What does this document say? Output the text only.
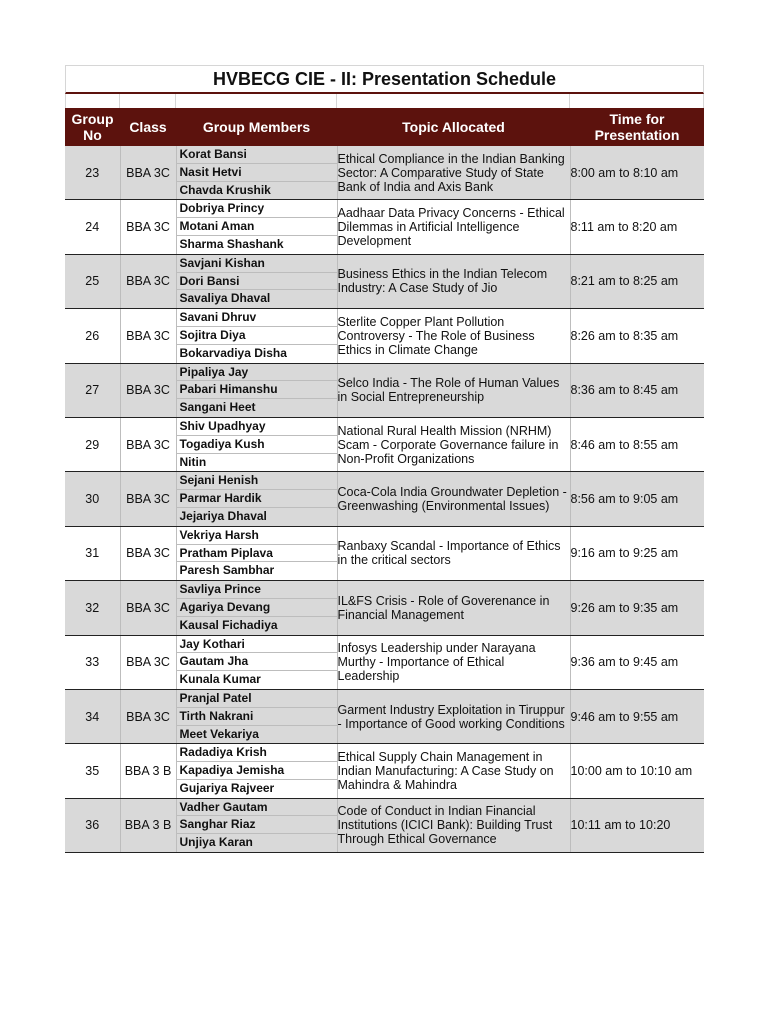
HVBECG CIE - II: Presentation Schedule
Group No	Class	Group Members	Topic Allocated	Time for Presentation
23	BBA 3C	Korat Bansi
Nasit Hetvi
Chavda Krushik	Ethical Compliance in the Indian Banking Sector: A Comparative Study of State Bank of India and Axis Bank	8:00 am to 8:10 am
24	BBA 3C	Dobriya Princy
Motani Aman
Sharma Shashank	Aadhaar Data Privacy Concerns - Ethical Dilemmas in Artificial Intelligence Development	8:11 am to 8:20 am
25	BBA 3C	Savjani Kishan
Dori Bansi
Savaliya Dhaval	Business Ethics in the Indian Telecom Industry: A Case Study of Jio	8:21 am to 8:25 am
26	BBA 3C	Savani Dhruv
Sojitra Diya
Bokarvadiya Disha	Sterlite Copper Plant Pollution Controversy - The Role of Business Ethics in Climate Change	8:26 am to 8:35 am
27	BBA 3C	Pipaliya Jay
Pabari Himanshu
Sangani Heet	Selco India - The Role of Human Values in Social Entrepreneurship	8:36 am to 8:45 am
29	BBA 3C	Shiv Upadhyay
Togadiya Kush
Nitin	National Rural Health Mission (NRHM) Scam - Corporate Governance failure in Non-Profit Organizations	8:46 am to 8:55 am
30	BBA 3C	Sejani Henish
Parmar Hardik
Jejariya Dhaval	Coca-Cola India Groundwater Depletion - Greenwashing (Environmental Issues)	8:56 am to 9:05 am
31	BBA 3C	Vekriya Harsh
Pratham Piplava
Paresh Sambhar	Ranbaxy Scandal - Importance of Ethics in the critical sectors	9:16 am to 9:25 am
32	BBA 3C	Savliya Prince
Agariya Devang
Kausal Fichadiya	IL&FS Crisis - Role of Goverenance in Financial Management	9:26 am to 9:35 am
33	BBA 3C	Jay Kothari
Gautam Jha
Kunala Kumar	Infosys Leadership under Narayana Murthy - Importance of Ethical Leadership	9:36 am to 9:45 am
34	BBA 3C	Pranjal Patel
Tirth Nakrani
Meet Vekariya	Garment Industry Exploitation in Tiruppur - Importance of Good working Conditions	9:46 am to 9:55 am
35	BBA 3 B	Radadiya Krish
Kapadiya Jemisha
Gujariya Rajveer	Ethical Supply Chain Management in Indian Manufacturing: A Case Study on Mahindra & Mahindra	10:00 am to 10:10 am
36	BBA 3 B	Vadher Gautam
Sanghar Riaz
Unjiya Karan	Code of Conduct in Indian Financial Institutions (ICICI Bank): Building Trust Through Ethical Governance	10:11 am to 10:20
